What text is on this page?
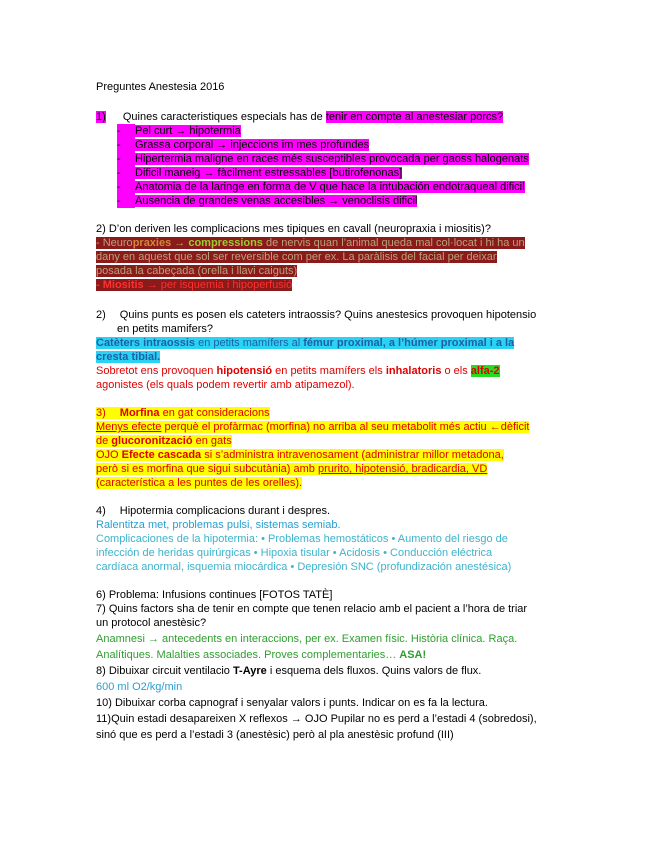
Preguntes Anestesia 2016
1) Quines caracteristiques especials has de tenir en compte al anestesiar porcs?
- Pel curt → hipotermia
- Grassa corporal → injeccions im mes profundes
- Hipertermia maligne en races més susceptibles provocada per gaoss halogenats
- Dificil maneig → fàcilment estressables [butirofenonas]
- Anatomia de la laringe en forma de V que hace la intubación endotraqueal dificil
- Ausencia de grandes venas accesibles → venoclisis dificil
2) D’on deriven les complicacions mes tipiques en cavall (neuropraxia i miositis)?
- Neuropraxies → compressions de nervis quan l’animal queda mal col·locat i hi ha un
dany en aquest que sol ser reversible com per ex. La paràlisis del facial per deixar
posada la cabeçada (orella i llavi caiguts)
- Miositis → per isquemia i hipoperfusió
2) Quins punts es posen els cateters intraossis? Quins anestesics provoquen hipotensio
en petits mamifers?
Catèters intraossis en petits mamífers al fémur proximal, a l’húmer proximal i a la
cresta tibial.
Sobretot ens provoquen hipotensió en petits mamífers els inhalatoris o els alfa-2
agonistes (els quals podem revertir amb atipamezol).
3) Morfina en gat consideracions
Menys efecte perquè el profàrmac (morfina) no arriba al seu metabolit més actiu ←dèficit
de glucoronització en gats
OJO Efecte cascada si s’administra intravenosament (administrar millor metadona,
però si es morfina que sigui subcutània) amb prurito, hipotensió, bradicardia, VD
(característica a les puntes de les orelles).
4) Hipotermia complicacions durant i despres.
Ralentitza met, problemas pulsi, sistemas semiab.
Complicaciones de la hipotermia: • Problemas hemostáticos • Aumento del riesgo de
infección de heridas quirúrgicas • Hipoxia tisular • Acidosis • Conducción eléctrica
cardíaca anormal, isquemia miocárdica • Depresión SNC (profundización anestésica)
6) Problema: Infusions continues [FOTOS TATÈ]
7) Quins factors sha de tenir en compte que tenen relacio amb el pacient a l’hora de triar
un protocol anestèsic?
Anamnesi → antecedents en interaccions, per ex. Examen físic. Història clínica. Raça.
Analítiques. Malalties associades. Proves complementaries… ASA!
8) Dibuixar circuit ventilacio T-Ayre i esquema dels fluxos. Quins valors de flux.
600 ml O2/kg/min
10) Dibuixar corba capnograf i senyalar valors i punts. Indicar on es fa la lectura.
11)Quin estadi desapareixen X reflexos → OJO Pupilar no es perd a l’estadi 4 (sobredosi),
sinó que es perd a l’estadi 3 (anestèsic) però al pla anestèsic profund (III)
